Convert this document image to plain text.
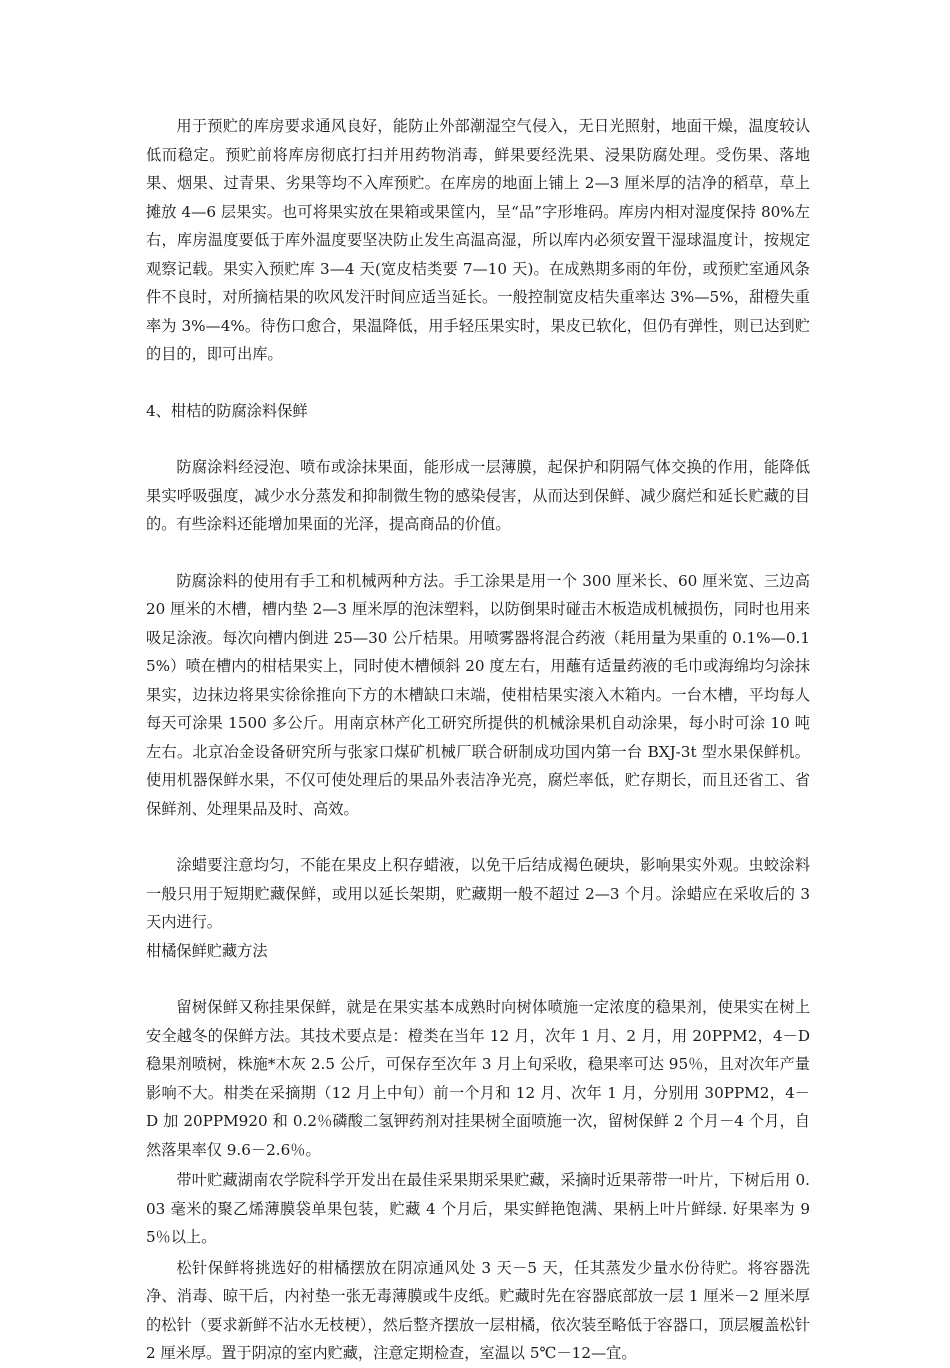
用于预贮的库房要求通风良好，能防止外部潮湿空气侵入，无日光照射，地面干燥，温度较认低而稳定。预贮前将库房彻底打扫并用药物消毒，鲜果要经洗果、浸果防腐处理。受伤果、落地果、烟果、过青果、劣果等均不入库预贮。在库房的地面上铺上 2—3 厘米厚的洁净的稻草，草上摊放 4—6 层果实。也可将果实放在果箱或果筐内，呈“品”字形堆码。库房内相对湿度保持 80%左右，库房温度要低于库外温度要坚决防止发生高温高湿，所以库内必须安置干湿球温度计，按规定观察记载。果实入预贮库 3—4 天(宽皮桔类要 7—10 天)。在成熟期多雨的年份，或预贮室通风条件不良时，对所摘桔果的吹风发汗时间应适当延长。一般控制宽皮桔失重率达 3%—5%，甜橙失重率为 3%—4%。待伤口愈合，果温降低，用手轻压果实时，果皮已软化，但仍有弹性，则已达到贮的目的，即可出库。

4、柑桔的防腐涂料保鲜

防腐涂料经浸泡、喷布或涂抹果面，能形成一层薄膜，起保护和阴隔气体交换的作用，能降低果实呼吸强度，减少水分蒸发和抑制微生物的感染侵害，从而达到保鲜、减少腐烂和延长贮藏的目的。有些涂料还能增加果面的光泽，提高商品的价值。

防腐涂料的使用有手工和机械两种方法。手工涂果是用一个 300 厘米长、60 厘米宽、三边高 20 厘米的木槽，槽内垫 2—3 厘米厚的泡沫塑料，以防倒果时碰击木板造成机械损伤，同时也用来吸足涂液。每次向槽内倒进 25—30 公斤桔果。用喷雾器将混合药液（耗用量为果重的 0.1%—0.15%）喷在槽内的柑桔果实上，同时使木槽倾斜 20 度左右，用蘸有适量药液的毛巾或海绵均匀涂抹果实，边抹边将果实徐徐推向下方的木槽缺口末端，使柑桔果实滚入木箱内。一台木槽，平均每人每天可涂果 1500 多公斤。用南京林产化工研究所提供的机械涂果机自动涂果，每小时可涂 10 吨左右。北京冶金设备研究所与张家口煤矿机械厂联合研制成功国内第一台 BXJ-3t 型水果保鲜机。使用机器保鲜水果，不仅可使处理后的果品外表洁净光亮，腐烂率低，贮存期长，而且还省工、省保鲜剂、处理果品及时、高效。

涂蜡要注意均匀，不能在果皮上积存蜡液，以免干后结成褐色硬块，影响果实外观。虫蛟涂料一般只用于短期贮藏保鲜，或用以延长架期，贮藏期一般不超过 2—3 个月。涂蜡应在采收后的 3 天内进行。

柑橘保鲜贮藏方法

留树保鲜又称挂果保鲜，就是在果实基本成熟时向树体喷施一定浓度的稳果剂，使果实在树上安全越冬的保鲜方法。其技术要点是：橙类在当年 12 月，次年 1 月、2 月，用 20PPM2，4－D 稳果剂喷树，株施*木灰 2.5 公斤，可保存至次年 3 月上旬采收，稳果率可达 95％，且对次年产量影响不大。柑类在采摘期（12 月上中旬）前一个月和 12 月、次年 1 月，分别用 30PPM2，4－D 加 20PPM920 和 0.2％磷酸二氢钾药剂对挂果树全面喷施一次，留树保鲜 2 个月－4 个月，自然落果率仅 9.6－2.6％。

带叶贮藏湖南农学院科学开发出在最佳采果期采果贮藏，采摘时近果蒂带一叶片，下树后用 0.03 毫米的聚乙烯薄膜袋单果包装，贮藏 4 个月后，果实鲜艳饱满、果柄上叶片鲜绿. 好果率为 95％以上。

松针保鲜将挑选好的柑橘摆放在阴凉通风处 3 天－5 天，任其蒸发少量水份待贮。将容器洗净、消毒、晾干后，内衬垫一张无毒薄膜或牛皮纸。贮藏时先在容器底部放一层 1 厘米－2 厘米厚的松针（要求新鲜不沾水无枝梗），然后整齐摆放一层柑橘，依次装至略低于容器口，顶层履盖松针 2 厘米厚。置于阴凉的室内贮藏，注意定期检查，室温以 5℃－12—宜。
